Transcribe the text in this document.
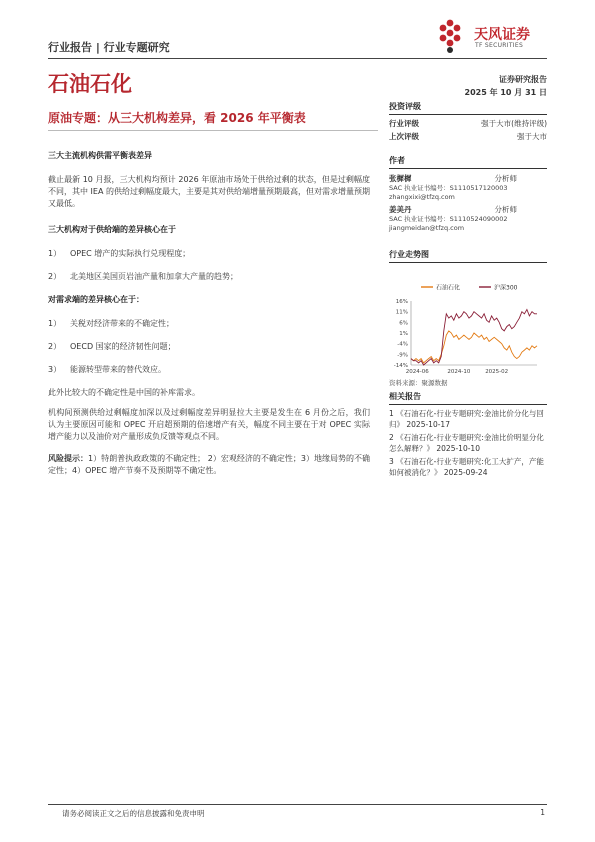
行业报告 | 行业专题研究
天风证券
TF SECURITIES
石油石化	证券研究报告
2025 年 10 月 31 日
原油专题：从三大机构差异，看 2026 年平衡表
三大主流机构供需平衡表差异
截止最新 10 月报，三大机构均预计 2026 年原油市场处于供给过剩的状态，但是过剩幅度不同，其中 IEA 的供给过剩幅度最大，主要是其对供给端增量预期最高，但对需求增量预期又最低。
三大机构对于供给端的差异核心在于
1） OPEC 增产的实际执行兑现程度；
2） 北美地区美国页岩油产量和加拿大产量的趋势；
对需求端的差异核心在于：
1） 关税对经济带来的不确定性；
2） OECD 国家的经济韧性问题；
3） 能源转型带来的替代效应。
此外比较大的不确定性是中国的补库需求。
机构间预测供给过剩幅度加深以及过剩幅度差异明显拉大主要是发生在 6 月份之后，我们认为主要原因可能和 OPEC 开启超预期的倍速增产有关，幅度不同主要在于对 OPEC 实际增产能力以及油价对产量形成负反馈等观点不同。
风险提示：1）特朗普执政政策的不确定性； 2）宏观经济的不确定性；3）地缘局势的不确定性；4）OPEC 增产节奏不及预期等不确定性。
投资评级
行业评级	强于大市(维持评级)
上次评级	强于大市
作者
张樨樨	分析师
SAC 执业证书编号：S1110517120003
zhangxixi@tfzq.com
姜美丹	分析师
SAC 执业证书编号：S1110524090002
jiangmeidan@tfzq.com
行业走势图
石油石化	沪深300
16%
11%
6%
1%
-4%
-9%
-14%
2024-06	2024-10	2025-02
资料来源：聚源数据
相关报告
1 《石油石化-行业专题研究:金油比价分化与回归》 2025-10-17
2 《石油石化-行业专题研究:金油比价明显分化怎么解释？》 2025-10-10
3 《石油石化-行业专题研究:化工大扩产，产能如何被消化？》 2025-09-24
请务必阅读正文之后的信息披露和免责申明	1
